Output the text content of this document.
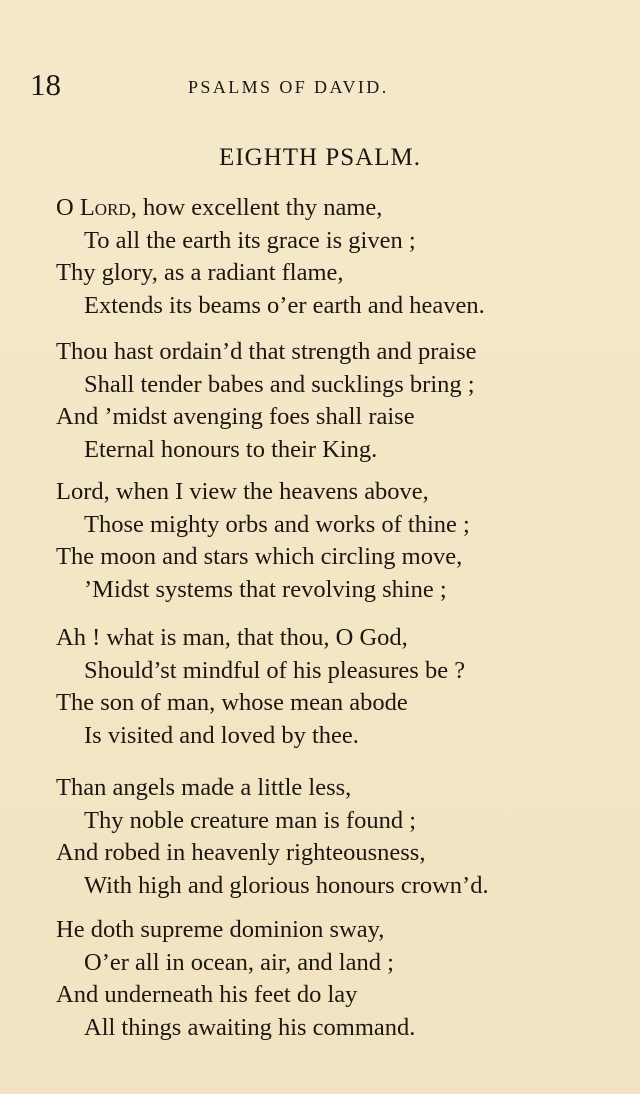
18	PSALMS OF DAVID.
EIGHTH PSALM.
O Lord, how excellent thy name,
To all the earth its grace is given ;
Thy glory, as a radiant flame,
Extends its beams o’er earth and heaven.
Thou hast ordain’d that strength and praise
Shall tender babes and sucklings bring ;
And ’midst avenging foes shall raise
Eternal honours to their King.
Lord, when I view the heavens above,
Those mighty orbs and works of thine ;
The moon and stars which circling move,
’Midst systems that revolving shine ;
Ah ! what is man, that thou, O God,
Should’st mindful of his pleasures be ?
The son of man, whose mean abode
Is visited and loved by thee.
Than angels made a little less,
Thy noble creature man is found ;
And robed in heavenly righteousness,
With high and glorious honours crown’d.
He doth supreme dominion sway,
O’er all in ocean, air, and land ;
And underneath his feet do lay
All things awaiting his command.
